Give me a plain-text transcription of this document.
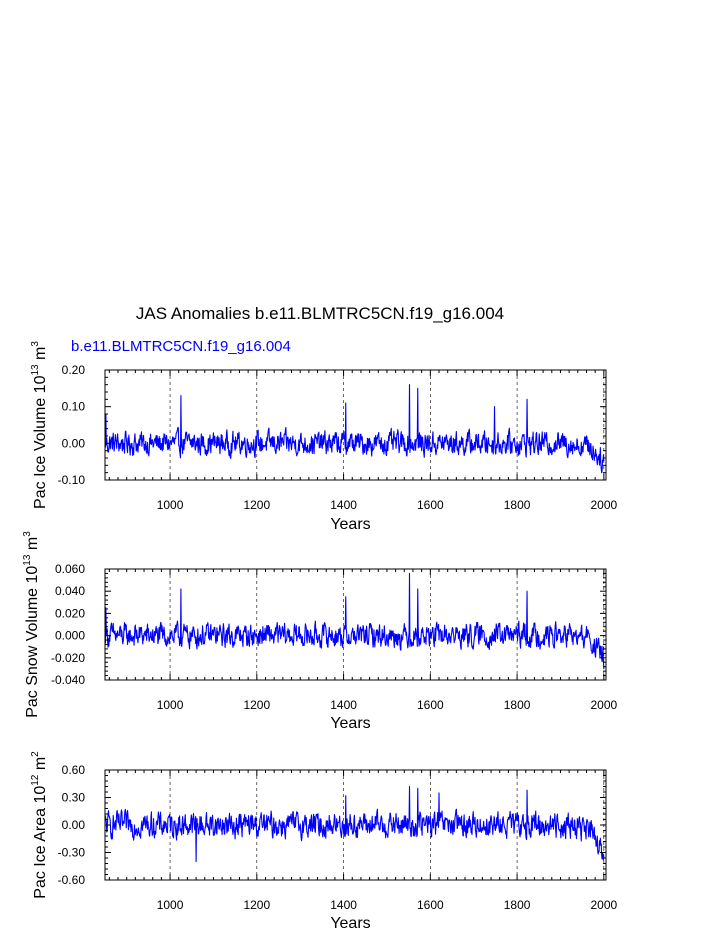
JAS Anomalies b.e11.BLMTRC5CN.f19_g16.004
b.e11.BLMTRC5CN.f19_g16.004
1000	1200	1400	1600	1800	2000
-0.10
0.00
0.10
0.20
Years
Pac Ice Volume $10^{13}$ $m^3$
1000	1200	1400	1600	1800	2000
-0.040
-0.020
0.000
0.020
0.040
0.060
Years
Pac Snow Volume $10^{13}$ $m^3$
1000	1200	1400	1600	1800	2000
-0.60
-0.30
0.00
0.30
0.60
Years
Pac Ice Area $10^{12}$ $m^2$
